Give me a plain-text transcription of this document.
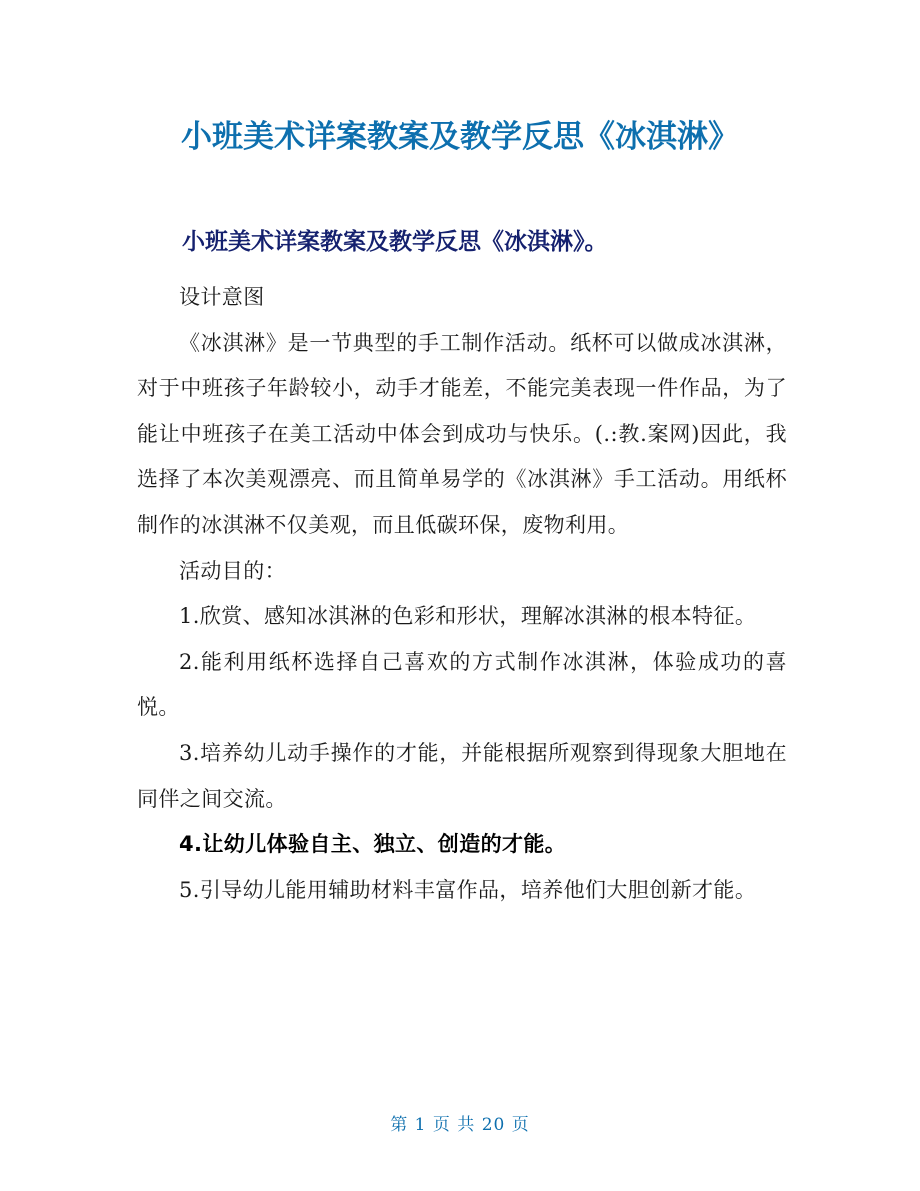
小班美术详案教案及教学反思《冰淇淋》
小班美术详案教案及教学反思《冰淇淋》。

设计意图

《冰淇淋》是一节典型的手工制作活动。纸杯可以做成冰淇淋，对于中班孩子年龄较小，动手才能差，不能完美表现一件作品，为了能让中班孩子在美工活动中体会到成功与快乐。(.:教.案网)因此，我选择了本次美观漂亮、而且简单易学的《冰淇淋》手工活动。用纸杯制作的冰淇淋不仅美观，而且低碳环保，废物利用。

活动目的：

1.欣赏、感知冰淇淋的色彩和形状，理解冰淇淋的根本特征。

2.能利用纸杯选择自己喜欢的方式制作冰淇淋，体验成功的喜悦。

3.培养幼儿动手操作的才能，并能根据所观察到得现象大胆地在同伴之间交流。

4.让幼儿体验自主、独立、创造的才能。

5.引导幼儿能用辅助材料丰富作品，培养他们大胆创新才能。

第 1 页 共 20 页
